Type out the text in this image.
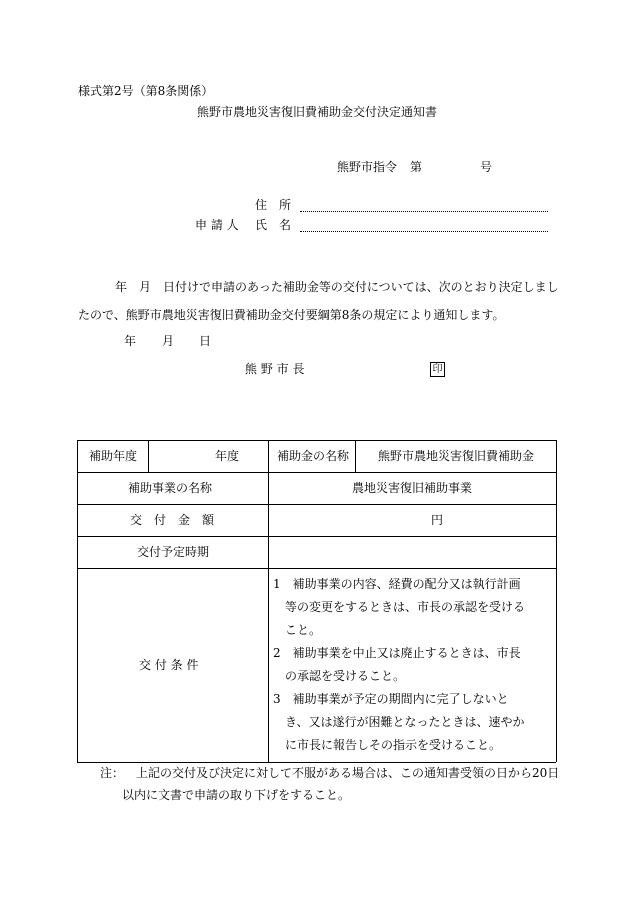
様式第2号（第8条関係）
熊野市農地災害復旧費補助金交付決定通知書
熊野市指令 第	号
住　所
申 請 人 氏　名
年　月　日付けで申請のあった補助金等の交付については、次のとおり決定しまし
たので、熊野市農地災害復旧費補助金交付要綱第8条の規定により通知します。
年 月 日
熊 野 市 長	印
補助年度	年度	補助金の名称 熊野市農地災害復旧費補助金
補助事業の名称	農地災害復旧補助事業
交　付　金　額	円
交付予定時期
交 付 条 件
1　補助事業の内容、経費の配分又は執行計画
　等の変更をするときは、市長の承認を受ける
　こと。
2　補助事業を中止又は廃止するときは、市長
　の承認を受けること。
3　補助事業が予定の期間内に完了しないと
　き、又は遂行が困難となったときは、速やか
　に市長に報告しその指示を受けること。
注： 上記の交付及び決定に対して不服がある場合は、この通知書受領の日から20日
以内に文書で申請の取り下げをすること。
